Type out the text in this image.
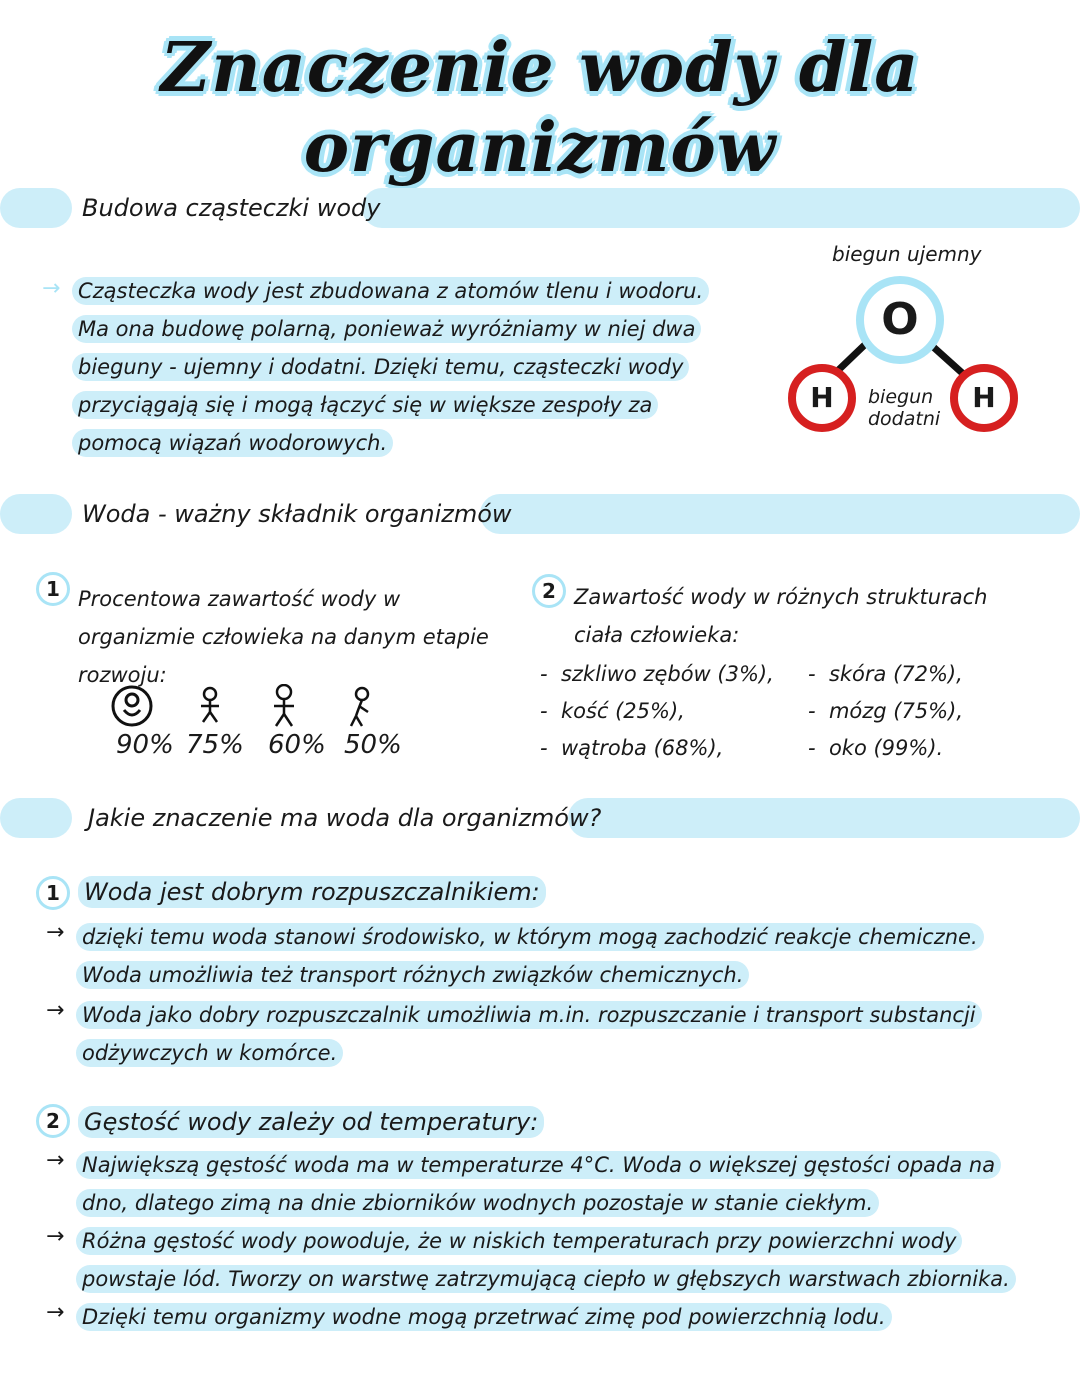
Znaczenie wody dla organizmów
Budowa cząsteczki wody
→ Cząsteczka wody jest zbudowana z atomów tlenu i wodoru. Ma ona budowę polarną, ponieważ wyróżniamy w niej dwa bieguny - ujemny i dodatni. Dzięki temu, cząsteczki wody przyciągają się i mogą łączyć się w większe zespoły za pomocą wiązań wodorowych.
biegun ujemny
O
H	H
biegun
dodatni
Woda - ważny składnik organizmów
1 Procentowa zawartość wody w organizmie człowieka na danym etapie rozwoju:
90% 75% 60% 50%
2 Zawartość wody w różnych strukturach ciała człowieka:
- szkliwo zębów (3%),
- kość (25%),
- wątroba (68%),
- skóra (72%),
- mózg (75%),
- oko (99%).
Jakie znaczenie ma woda dla organizmów?
1	Woda jest dobrym rozpuszczalnikiem:
→ dzięki temu woda stanowi środowisko, w którym mogą zachodzić reakcje chemiczne. Woda umożliwia też transport różnych związków chemicznych.
→ Woda jako dobry rozpuszczalnik umożliwia m.in. rozpuszczanie i transport substancji odżywczych w komórce.
2	Gęstość wody zależy od temperatury:
→ Największą gęstość woda ma w temperaturze 4°C. Woda o większej gęstości opada na dno, dlatego zimą na dnie zbiorników wodnych pozostaje w stanie ciekłym.
→ Różna gęstość wody powoduje, że w niskich temperaturach przy powierzchni wody powstaje lód. Tworzy on warstwę zatrzymującą ciepło w głębszych warstwach zbiornika.
→ Dzięki temu organizmy wodne mogą przetrwać zimę pod powierzchnią lodu.
